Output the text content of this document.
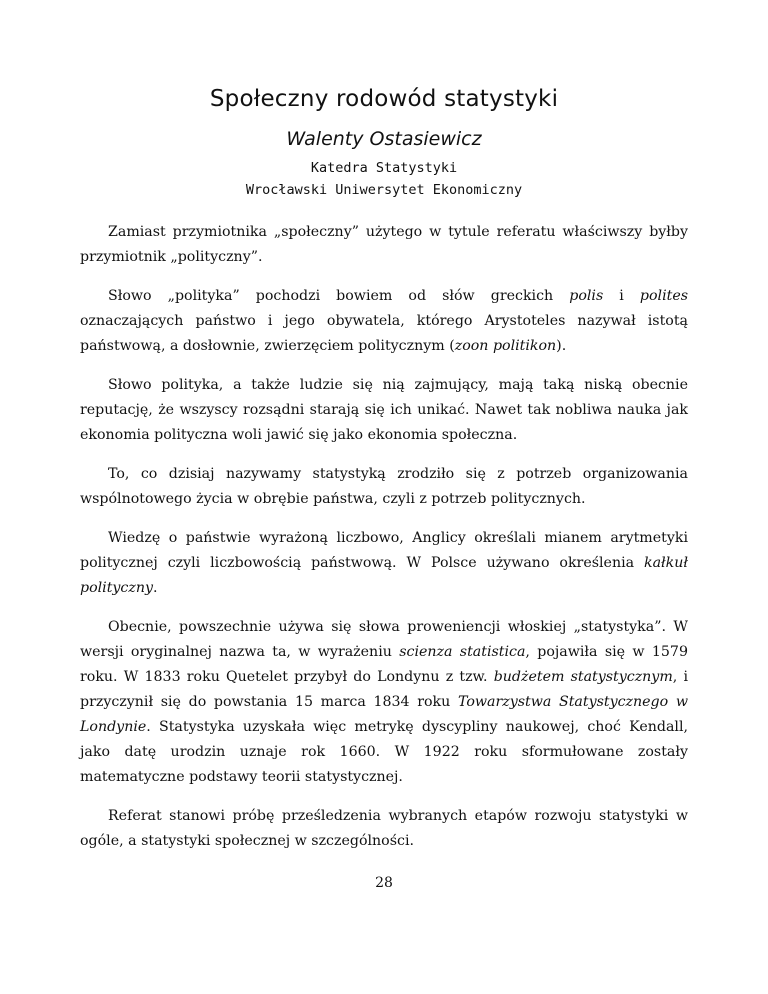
Społeczny rodowód statystyki
Walenty Ostasiewicz
Katedra Statystyki
Wrocławski Uniwersytet Ekonomiczny

Zamiast przymiotnika „społeczny” użytego w tytule referatu właściwszy byłby przymiotnik „polityczny”.

Słowo „polityka” pochodzi bowiem od słów greckich polis i polites oznaczających państwo i jego obywatela, którego Arystoteles nazywał istotą państwową, a dosłownie, zwierzęciem politycznym (zoon politikon).

Słowo polityka, a także ludzie się nią zajmujący, mają taką niską obecnie reputację, że wszyscy rozsądni starają się ich unikać. Nawet tak nobliwa nauka jak ekonomia polityczna woli jawić się jako ekonomia społeczna.

To, co dzisiaj nazywamy statystyką zrodziło się z potrzeb organizowania wspólnotowego życia w obrębie państwa, czyli z potrzeb politycznych.

Wiedzę o państwie wyrażoną liczbowo, Anglicy określali mianem arytmetyki politycznej czyli liczbowością państwową. W Polsce używano określenia kałkuł polityczny.

Obecnie, powszechnie używa się słowa proweniencji włoskiej „statystyka”. W wersji oryginalnej nazwa ta, w wyrażeniu scienza statistica, pojawiła się w 1579 roku. W 1833 roku Quetelet przybył do Londynu z tzw. budżetem statystycznym, i przyczynił się do powstania 15 marca 1834 roku Towarzystwa Statystycznego w Londynie. Statystyka uzyskała więc metrykę dyscypliny naukowej, choć Kendall, jako datę urodzin uznaje rok 1660. W 1922 roku sformułowane zostały matematyczne podstawy teorii statystycznej.

Referat stanowi próbę prześledzenia wybranych etapów rozwoju statystyki w ogóle, a statystyki społecznej w szczególności.

28
